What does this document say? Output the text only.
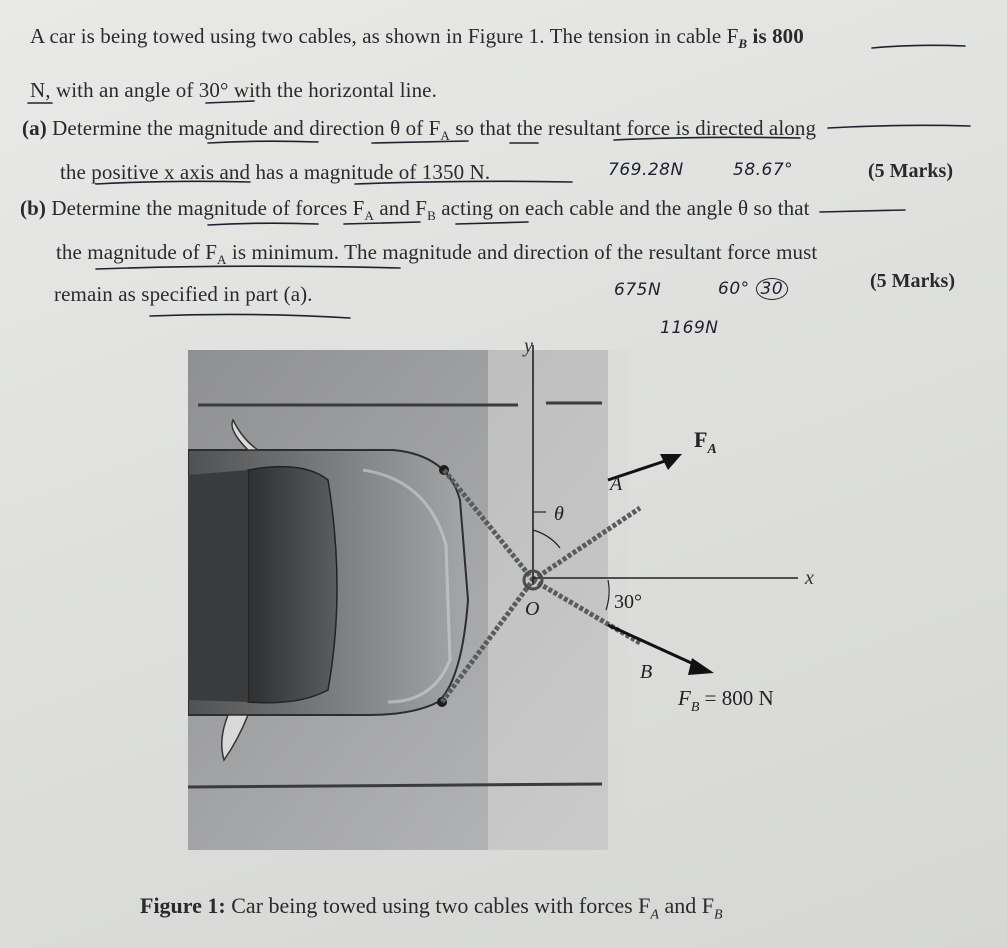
A car is being towed using two cables, as shown in Figure 1. The tension in cable $F_B$ is 800
N, with an angle of 30° with the horizontal line.
(a) Determine the magnitude and direction θ of $F_A$ so that the resultant force is directed along
the positive x axis and has a magnitude of 1350 N.	769.28N	58.67°	(5 Marks)
(b) Determine the magnitude of forces $F_A$ and $F_B$ acting on each cable and the angle θ so that
the magnitude of $F_A$ is minimum. The magnitude and direction of the resultant force must
remain as specified in part (a).	675N	60° 30	(5 Marks)
1169N
y
x
O
A
B
$F_A$
$F_B = 800$ N
θ
30°
Figure 1: Car being towed using two cables with forces $F_A$ and $F_B$
